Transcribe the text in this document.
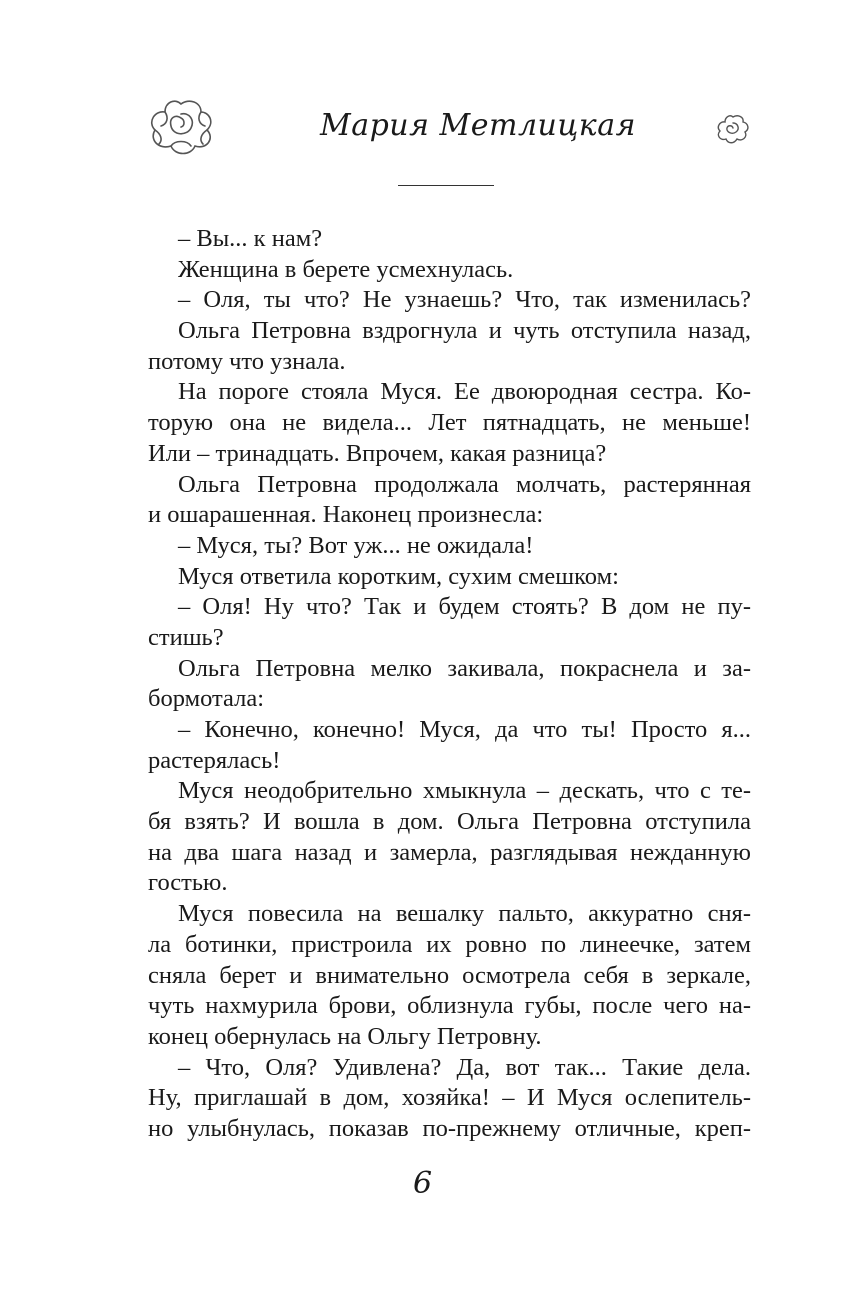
Мария Метлицкая
– Вы... к нам?
Женщина в берете усмехнулась.
– Оля, ты что? Не узнаешь? Что, так изменилась?
Ольга Петровна вздрогнула и чуть отступила назад,
потому что узнала.
На пороге стояла Муся. Ее двоюродная сестра. Ко-
торую она не видела... Лет пятнадцать, не меньше!
Или – тринадцать. Впрочем, какая разница?
Ольга Петровна продолжала молчать, растерянная
и ошарашенная. Наконец произнесла:
– Муся, ты? Вот уж... не ожидала!
Муся ответила коротким, сухим смешком:
– Оля! Ну что? Так и будем стоять? В дом не пу-
стишь?
Ольга Петровна мелко закивала, покраснела и за-
бормотала:
– Конечно, конечно! Муся, да что ты! Просто я...
растерялась!
Муся неодобрительно хмыкнула – дескать, что с те-
бя взять? И вошла в дом. Ольга Петровна отступила
на два шага назад и замерла, разглядывая нежданную
гостью.
Муся повесила на вешалку пальто, аккуратно сня-
ла ботинки, пристроила их ровно по линеечке, затем
сняла берет и внимательно осмотрела себя в зеркале,
чуть нахмурила брови, облизнула губы, после чего на-
конец обернулась на Ольгу Петровну.
– Что, Оля? Удивлена? Да, вот так... Такие дела.
Ну, приглашай в дом, хозяйка! – И Муся ослепитель-
но улыбнулась, показав по-прежнему отличные, креп-
6
